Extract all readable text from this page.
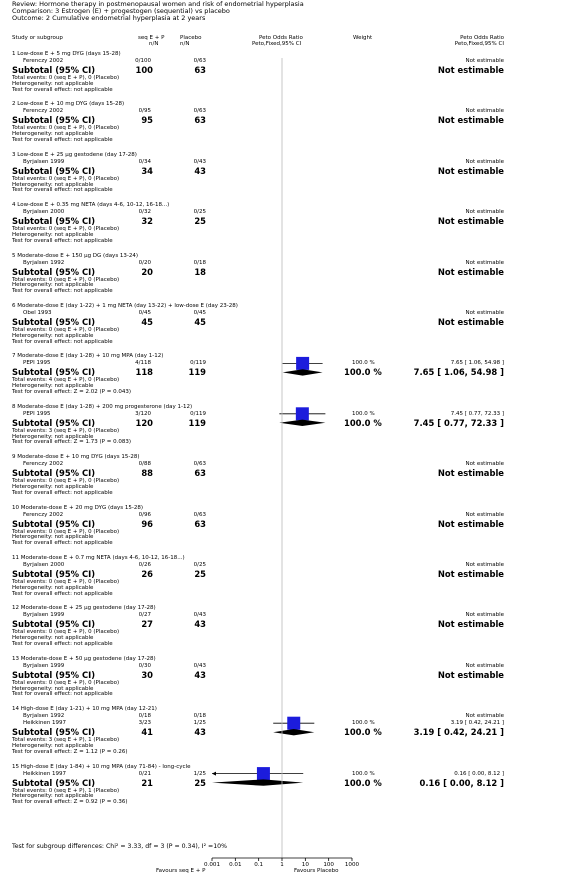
Review: Hormone therapy in postmenopausal women and risk of endometrial hyperplasia
Comparison: 3 Estrogen (E) + progestogen (sequential) vs placebo
Outcome: 2 Cumulative endometrial hyperplasia at 2 years
Study or subgroup	seq E + P
n/N
Placebo
n/N
Peto Odds Ratio
Peto,Fixed,95% CI
Weight	Peto Odds Ratio
Peto,Fixed,95% CI
1 Low-dose E + 5 mg DYG (days 15-28)
Ferenczy 2002	0/100	0/63	Not estimable
Subtotal (95% CI)	100	63	Not estimable
Total events: 0 (seq E + P), 0 (Placebo)
Heterogeneity: not applicable
Test for overall effect: not applicable
2 Low-dose E + 10 mg DYG (days 15-28)
Ferenczy 2002	0/95	0/63	Not estimable
Subtotal (95% CI)	95	63	Not estimable
Total events: 0 (seq E + P), 0 (Placebo)
Heterogeneity: not applicable
Test for overall effect: not applicable
3 Low-dose E + 25 µg gestodene (day 17-28)
Byrjalsen 1999	0/34	0/43	Not estimable
Subtotal (95% CI)	34	43	Not estimable
Total events: 0 (seq E + P), 0 (Placebo)
Heterogeneity: not applicable
Test for overall effect: not applicable
4 Low-dose E + 0.35 mg NETA (days 4-6, 10-12, 16-18...)
Byrjalsen 2000	0/32	0/25	Not estimable
Subtotal (95% CI)	32	25	Not estimable
Total events: 0 (seq E + P), 0 (Placebo)
Heterogeneity: not applicable
Test for overall effect: not applicable
5 Moderate-dose E + 150 µg DG (days 13-24)
Byrjalsen 1992	0/20	0/18	Not estimable
Subtotal (95% CI)	20	18	Not estimable
Total events: 0 (seq E + P), 0 (Placebo)
Heterogeneity: not applicable
Test for overall effect: not applicable
6 Moderate-dose E (day 1-22) + 1 mg NETA (day 13-22) + low-dose E (day 23-28)
Obel 1993	0/45	0/45	Not estimable
Subtotal (95% CI)	45	45	Not estimable
Total events: 0 (seq E + P), 0 (Placebo)
Heterogeneity: not applicable
Test for overall effect: not applicable
7 Moderate-dose E (day 1-28) + 10 mg MPA (day 1-12)
PEPI 1995	4/118	0/119	100.0 %	7.65 [ 1.06, 54.98 ]
Subtotal (95% CI)	118	119	100.0 %	7.65 [ 1.06, 54.98 ]
Total events: 4 (seq E + P), 0 (Placebo)
Heterogeneity: not applicable
Test for overall effect: Z = 2.02 (P = 0.043)
8 Moderate-dose E (day 1-28) + 200 mg progesterone (day 1-12)
PEPI 1995	3/120	0/119	100.0 %	7.45 [ 0.77, 72.33 ]
Subtotal (95% CI)	120	119	100.0 %	7.45 [ 0.77, 72.33 ]
Total events: 3 (seq E + P), 0 (Placebo)
Heterogeneity: not applicable
Test for overall effect: Z = 1.73 (P = 0.083)
9 Moderate-dose E + 10 mg DYG (days 15-28)
Ferenczy 2002	0/88	0/63	Not estimable
Subtotal (95% CI)	88	63	Not estimable
Total events: 0 (seq E + P), 0 (Placebo)
Heterogeneity: not applicable
Test for overall effect: not applicable
10 Moderate-dose E + 20 mg DYG (days 15-28)
Ferenczy 2002	0/96	0/63	Not estimable
Subtotal (95% CI)	96	63	Not estimable
Total events: 0 (seq E + P), 0 (Placebo)
Heterogeneity: not applicable
Test for overall effect: not applicable
11 Moderate-dose E + 0.7 mg NETA (days 4-6, 10-12, 16-18...)
Byrjalsen 2000	0/26	0/25	Not estimable
Subtotal (95% CI)	26	25	Not estimable
Total events: 0 (seq E + P), 0 (Placebo)
Heterogeneity: not applicable
Test for overall effect: not applicable
12 Moderate-dose E + 25 µg gestodene (day 17-28)
Byrjalsen 1999	0/27	0/43	Not estimable
Subtotal (95% CI)	27	43	Not estimable
Total events: 0 (seq E + P), 0 (Placebo)
Heterogeneity: not applicable
Test for overall effect: not applicable
13 Moderate-dose E + 50 µg gestodene (day 17-28)
Byrjalsen 1999	0/30	0/43	Not estimable
Subtotal (95% CI)	30	43	Not estimable
Total events: 0 (seq E + P), 0 (Placebo)
Heterogeneity: not applicable
Test for overall effect: not applicable
14 High-dose E (day 1-21) + 10 mg MPA (day 12-21)
Byrjalsen 1992	0/18	0/18	Not estimable
Heikkinen 1997	3/23	1/25	100.0 %	3.19 [ 0.42, 24.21 ]
Subtotal (95% CI)	41	43	100.0 %	3.19 [ 0.42, 24.21 ]
Total events: 3 (seq E + P), 1 (Placebo)
Heterogeneity: not applicable
Test for overall effect: Z = 1.12 (P = 0.26)
15 High-dose E (day 1-84) + 10 mg MPA (day 71-84) - long-cycle
Heikkinen 1997	0/21	1/25	100.0 %	0.16 [ 0.00, 8.12 ]
Subtotal (95% CI)	21	25	100.0 %	0.16 [ 0.00, 8.12 ]
Total events: 0 (seq E + P), 1 (Placebo)
Heterogeneity: not applicable
Test for overall effect: Z = 0.92 (P = 0.36)
0.001 0.01 0.1	1	10	100 1000
Test for subgroup differences: Chi² = 3.33, df = 3 (P = 0.34), I² =10%
Favours seq E + P	Favours Placebo
